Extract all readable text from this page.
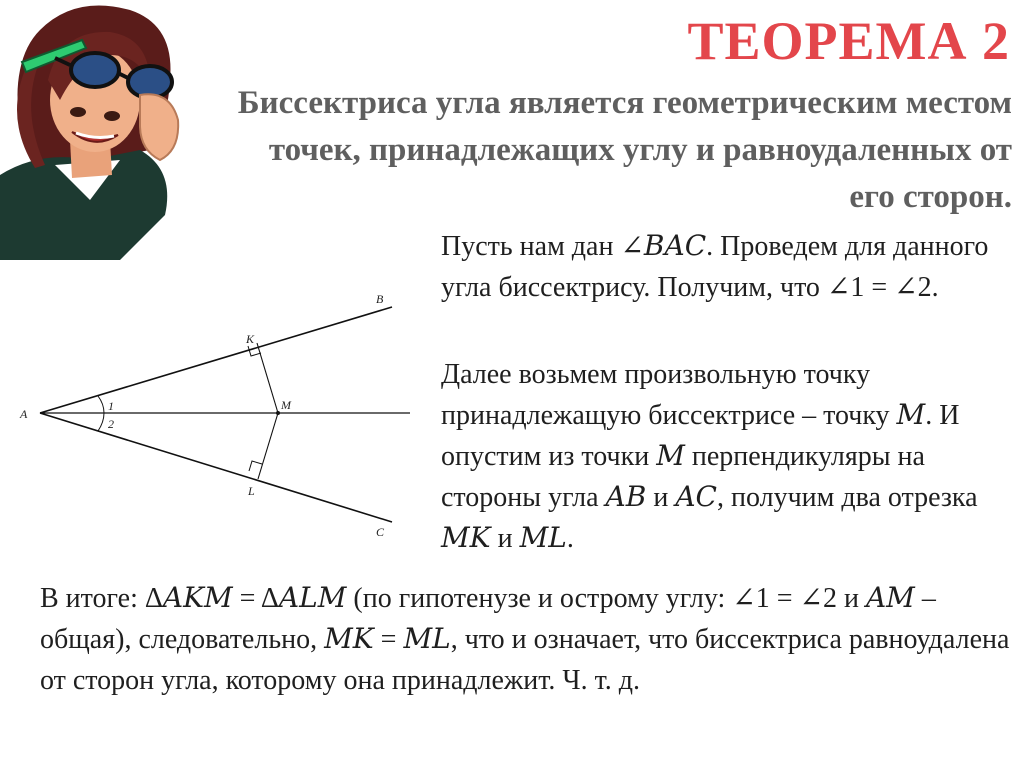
ТЕОРЕМА 2

Биссектриса угла является геометрическим местом точек, принадлежащих углу и равноудаленных от его сторон.

A
B
C
K
L
M
1
2

Пусть нам дан ∠𝐵𝐴𝐶. Проведем для данного угла биссектрису. Получим, что ∠1 = ∠2.

Далее возьмем произвольную точку принадлежащую биссектрисе – точку 𝑀. И опустим из точки 𝑀 перпендикуляры на стороны угла 𝐴𝐵 и 𝐴𝐶, получим два отрезка 𝑀𝐾 и 𝑀𝐿.

В итоге: Δ𝐴𝐾𝑀 = Δ𝐴𝐿𝑀 (по гипотенузе и острому углу: ∠1 = ∠2 и 𝐴𝑀 – общая), следовательно, 𝑀𝐾 = 𝑀𝐿, что и означает, что биссектриса равноудалена от сторон угла, которому она принадлежит. Ч. т. д.
